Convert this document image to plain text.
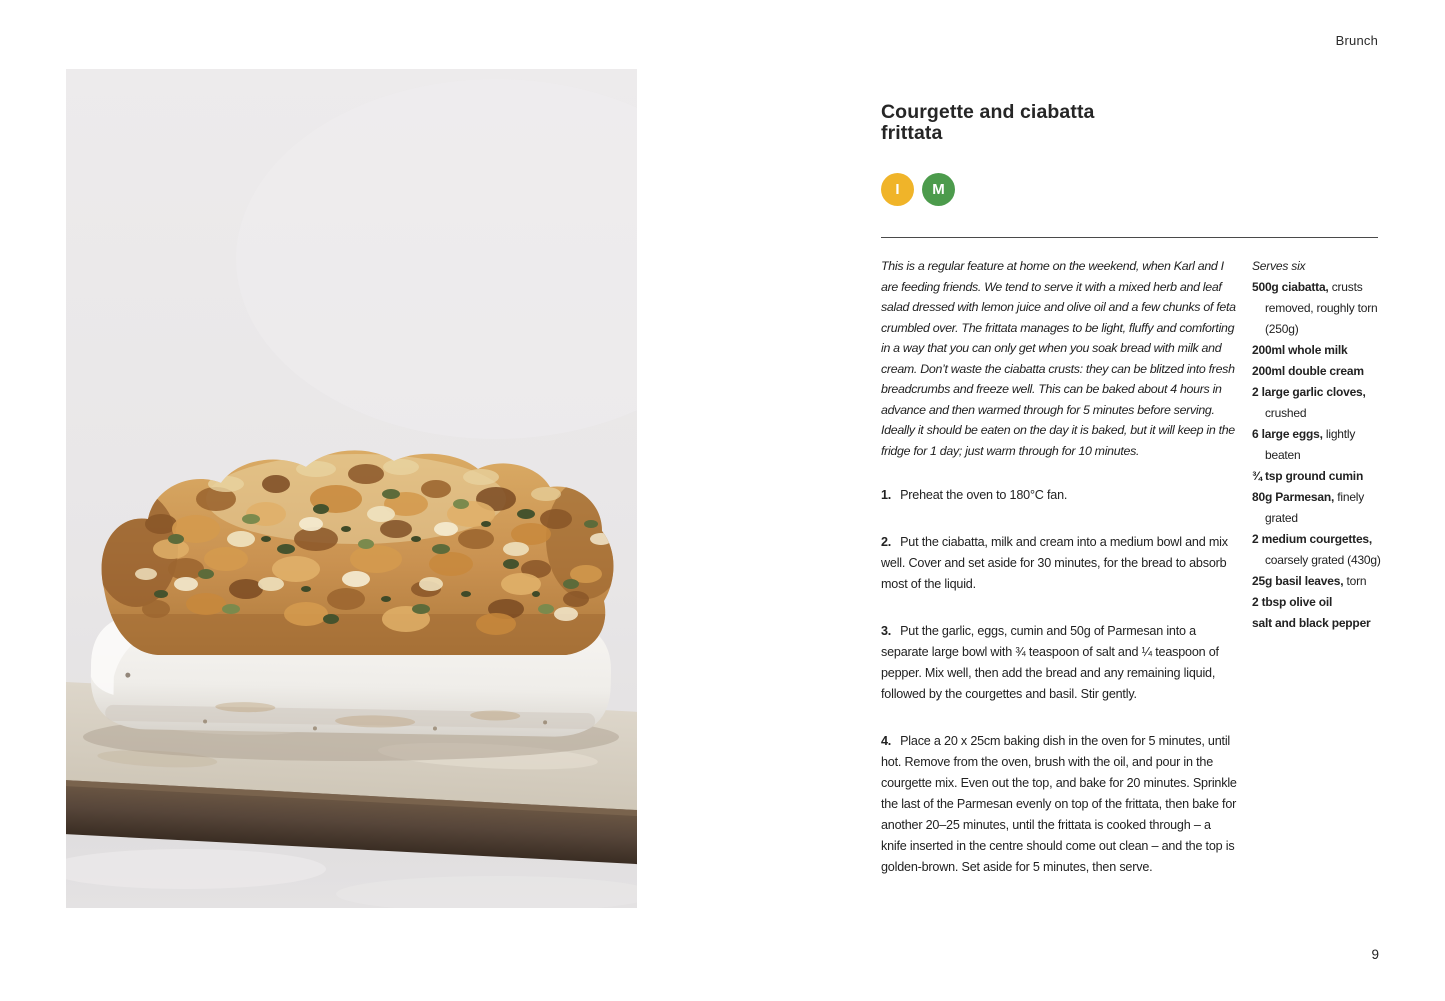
Brunch
Courgette and ciabatta
frittata
I M

This is a regular feature at home on the weekend, when Karl and I are feeding friends. We tend to serve it with a mixed herb and leaf salad dressed with lemon juice and olive oil and a few chunks of feta crumbled over. The frittata manages to be light, fluffy and comforting in a way that you can only get when you soak bread with milk and cream. Don’t waste the ciabatta crusts: they can be blitzed into fresh breadcrumbs and freeze well. This can be baked about 4 hours in advance and then warmed through for 5 minutes before serving. Ideally it should be eaten on the day it is baked, but it will keep in the fridge for 1 day; just warm through for 10 minutes.

1. Preheat the oven to 180°C fan.

2. Put the ciabatta, milk and cream into a medium bowl and mix well. Cover and set aside for 30 minutes, for the bread to absorb most of the liquid.

3. Put the garlic, eggs, cumin and 50g of Parmesan into a separate large bowl with ¾ teaspoon of salt and ¼ teaspoon of pepper. Mix well, then add the bread and any remaining liquid, followed by the courgettes and basil. Stir gently.

4. Place a 20 x 25cm baking dish in the oven for 5 minutes, until hot. Remove from the oven, brush with the oil, and pour in the courgette mix. Even out the top, and bake for 20 minutes. Sprinkle the last of the Parmesan evenly on top of the frittata, then bake for another 20–25 minutes, until the frittata is cooked through – a knife inserted in the centre should come out clean – and the top is golden-brown. Set aside for 5 minutes, then serve.

Serves six

500g ciabatta, crusts removed, roughly torn (250g)
200ml whole milk
200ml double cream
2 large garlic cloves, crushed
6 large eggs, lightly beaten
¾ tsp ground cumin
80g Parmesan, finely grated
2 medium courgettes, coarsely grated (430g)
25g basil leaves, torn
2 tbsp olive oil
salt and black pepper
9
